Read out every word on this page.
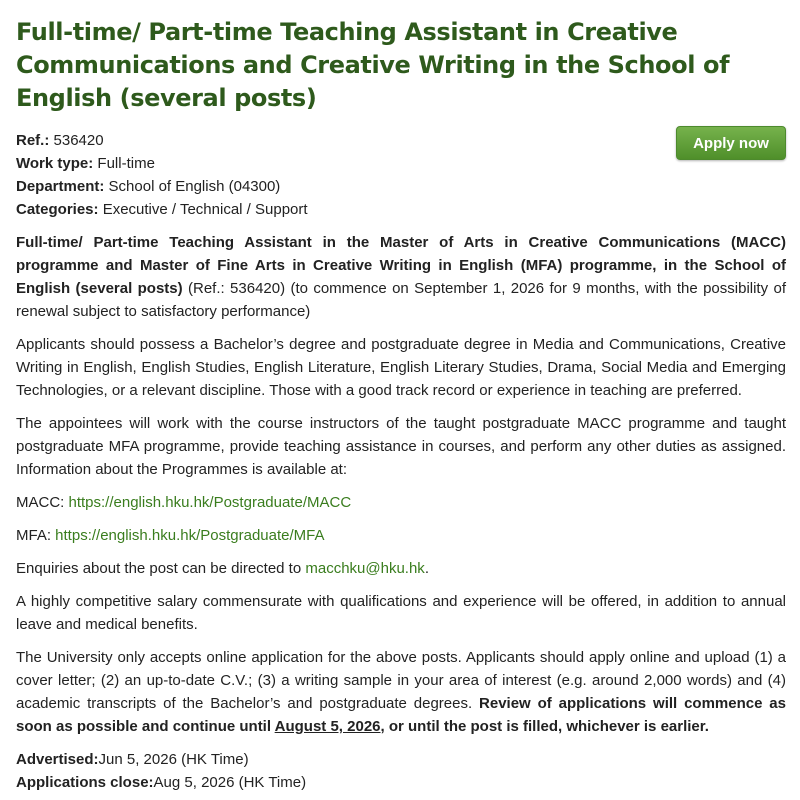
Full-time/ Part-time Teaching Assistant in Creative Communications and Creative Writing in the School of English (several posts)
Apply now
Ref.: 536420
Work type: Full-time
Department: School of English (04300)
Categories: Executive / Technical / Support

Full-time/ Part-time Teaching Assistant in the Master of Arts in Creative Communications (MACC) programme and Master of Fine Arts in Creative Writing in English (MFA) programme, in the School of English (several posts) (Ref.: 536420) (to commence on September 1, 2026 for 9 months, with the possibility of renewal subject to satisfactory performance)

Applicants should possess a Bachelor’s degree and postgraduate degree in Media and Communications, Creative Writing in English, English Studies, English Literature, English Literary Studies, Drama, Social Media and Emerging Technologies, or a relevant discipline. Those with a good track record or experience in teaching are preferred.

The appointees will work with the course instructors of the taught postgraduate MACC programme and taught postgraduate MFA programme, provide teaching assistance in courses, and perform any other duties as assigned. Information about the Programmes is available at:

MACC: https://english.hku.hk/Postgraduate/MACC

MFA: https://english.hku.hk/Postgraduate/MFA

Enquiries about the post can be directed to macchku@hku.hk.

A highly competitive salary commensurate with qualifications and experience will be offered, in addition to annual leave and medical benefits.

The University only accepts online application for the above posts. Applicants should apply online and upload (1) a cover letter; (2) an up-to-date C.V.; (3) a writing sample in your area of interest (e.g. around 2,000 words) and (4) academic transcripts of the Bachelor’s and postgraduate degrees. Review of applications will commence as soon as possible and continue until August 5, 2026, or until the post is filled, whichever is earlier.

Advertised:Jun 5, 2026 (HK Time)
Applications close:Aug 5, 2026 (HK Time)
